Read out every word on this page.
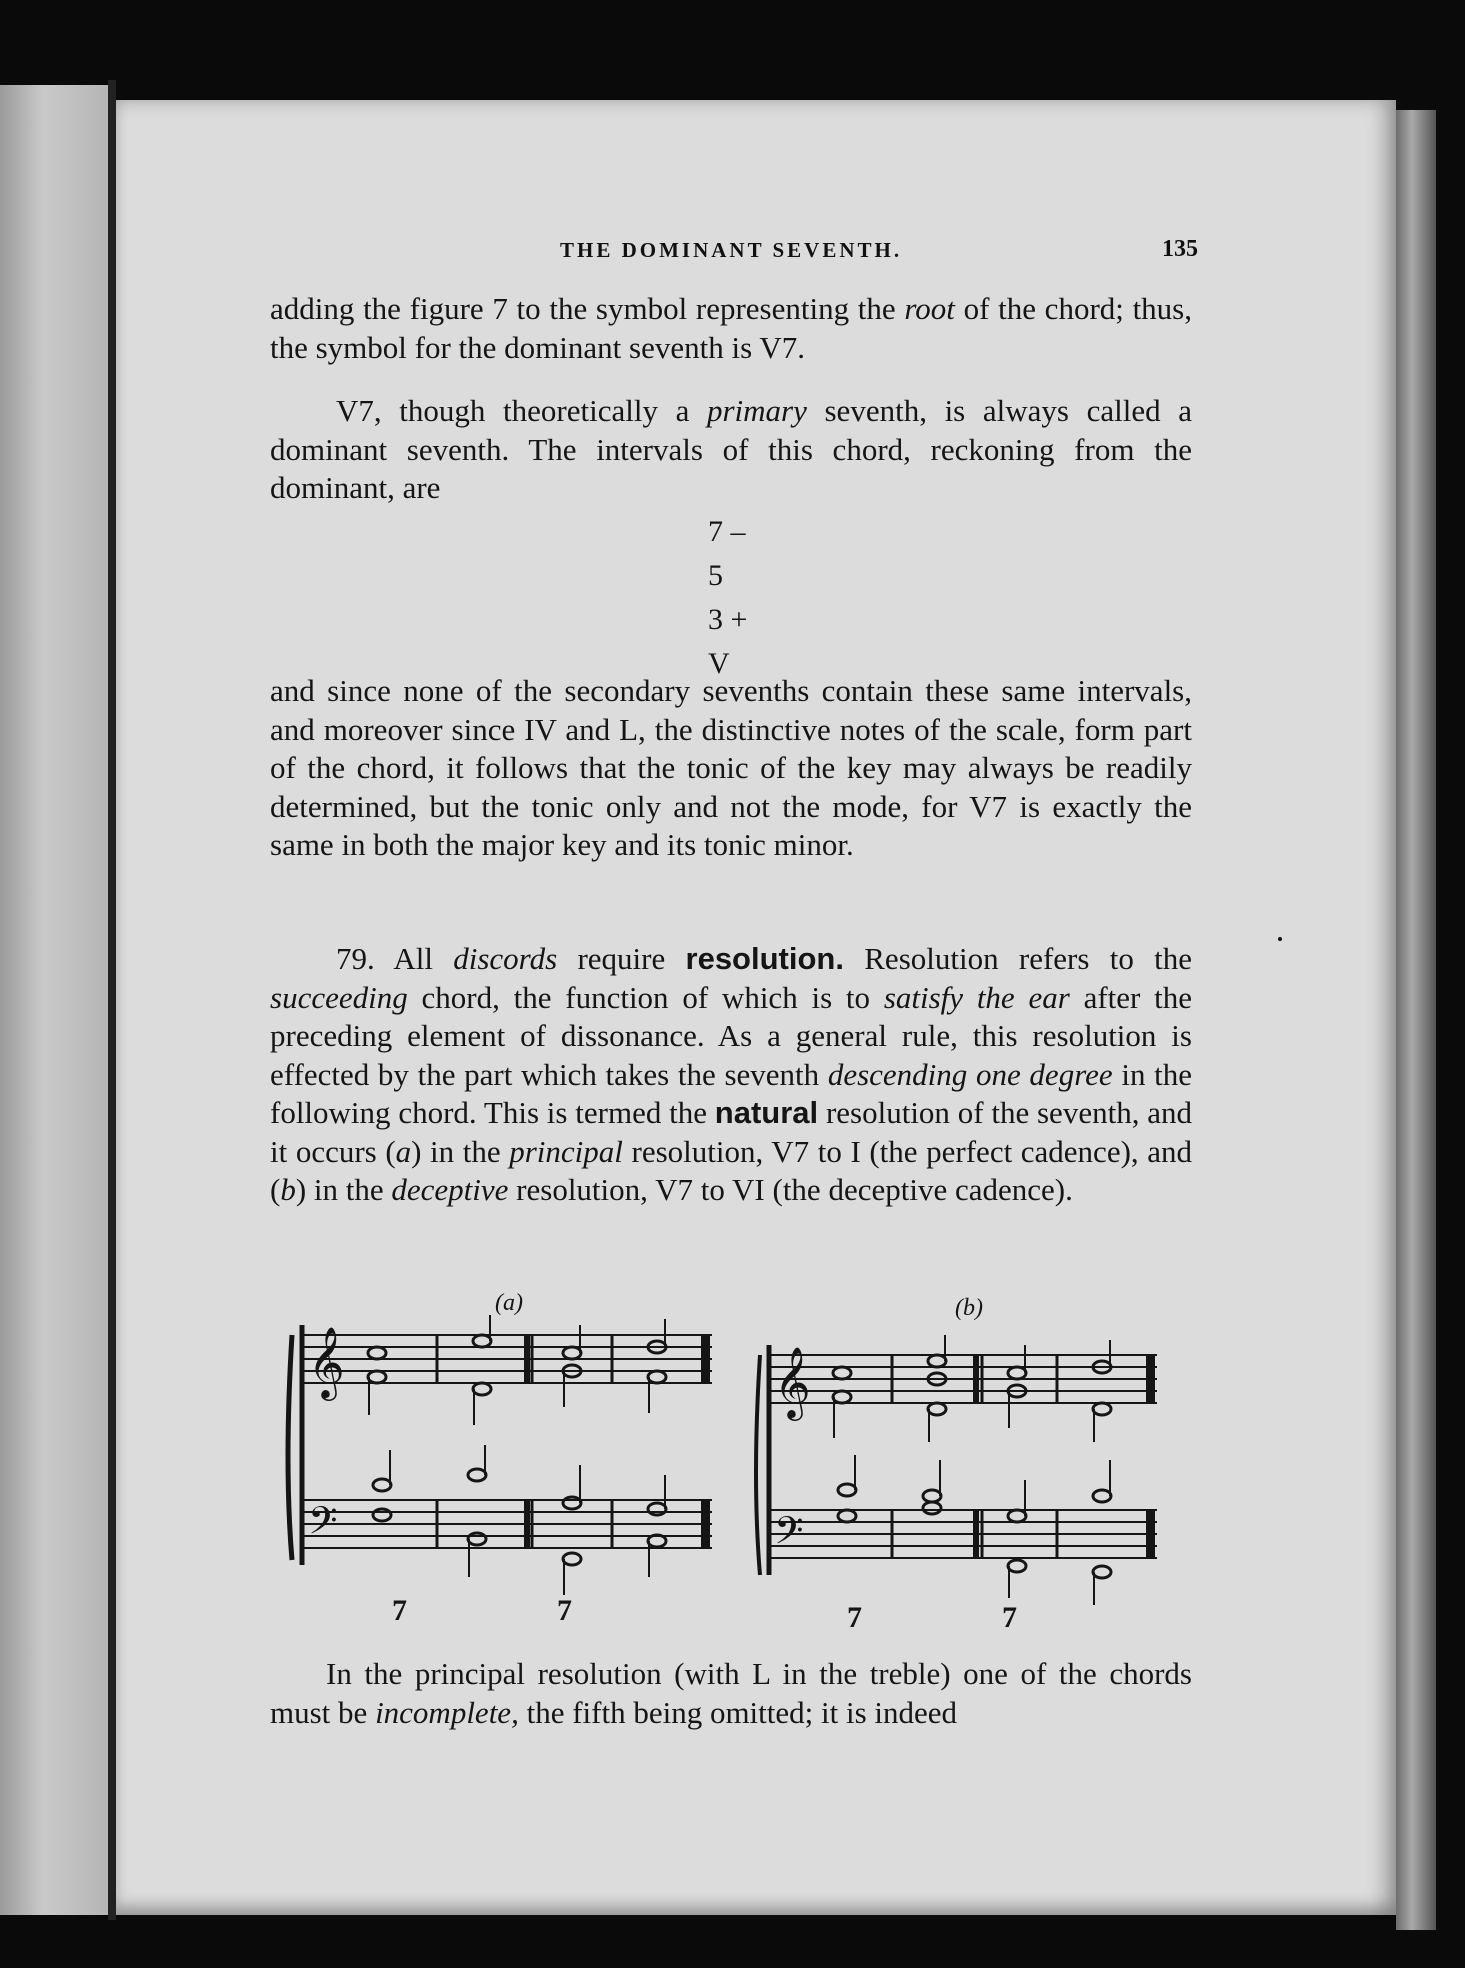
THE DOMINANT SEVENTH.	135
adding the figure 7 to the symbol representing the root of the chord; thus, the symbol for the dominant seventh is V7.
V7, though theoretically a primary seventh, is always called a dominant seventh. The intervals of this chord, reckoning from the dominant, are
7 –
5
3 +
V
and since none of the secondary sevenths contain these same intervals, and moreover since IV and L, the distinctive notes of the scale, form part of the chord, it follows that the tonic of the key may always be readily determined, but the tonic only and not the mode, for V7 is exactly the same in both the major key and its tonic minor.
79. All discords require resolution. Resolution refers to the succeeding chord, the function of which is to satisfy the ear after the preceding element of dissonance. As a general rule, this resolution is effected by the part which takes the seventh descending one degree in the following chord. This is termed the natural resolution of the seventh, and it occurs (a) in the principal resolution, V7 to I (the perfect cadence), and (b) in the deceptive resolution, V7 to VI (the deceptive cadence).
(a)	(b)
𝄞
𝄢
7	7
𝄞
𝄢
7	7
In the principal resolution (with L in the treble) one of the chords must be incomplete, the fifth being omitted; it is indeed
